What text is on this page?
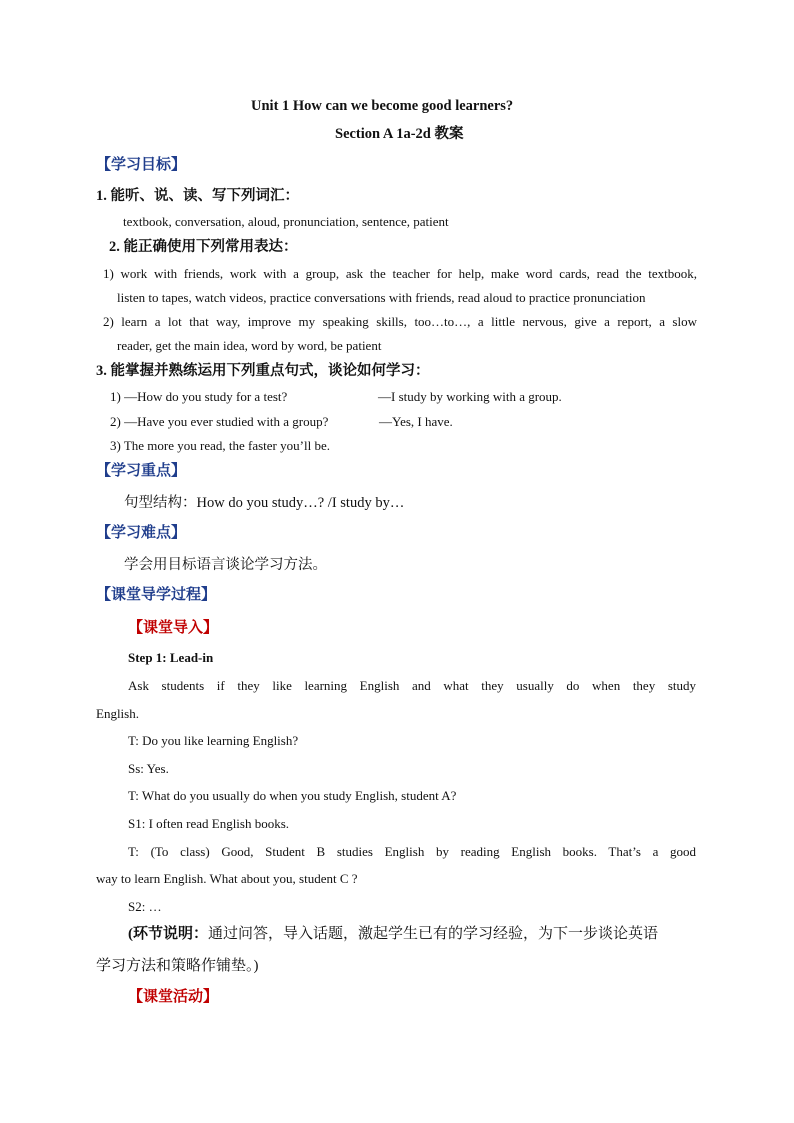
Unit 1 How can we become good learners?
Section A 1a-2d 教案
【学习目标】
1. 能听、说、读、写下列词汇：
textbook, conversation, aloud, pronunciation, sentence, patient
2. 能正确使用下列常用表达：
1) work with friends, work with a group, ask the teacher for help, make word cards, read the textbook,
listen to tapes, watch videos, practice conversations with friends, read aloud to practice pronunciation
2) learn a lot that way, improve my speaking skills, too…to…, a little nervous, give a report, a slow
reader, get the main idea, word by word, be patient
3. 能掌握并熟练运用下列重点句式，谈论如何学习：
1) —How do you study for a test?	—I study by working with a group.
2) —Have you ever studied with a group?	—Yes, I have.
3) The more you read, the faster you’ll be.
【学习重点】
句型结构：How do you study…? /I study by…
【学习难点】
学会用目标语言谈论学习方法。
【课堂导学过程】
【课堂导入】
Step 1: Lead-in
Ask students if they like learning English and what they usually do when they study
English.
T: Do you like learning English?
Ss: Yes.
T: What do you usually do when you study English, student A?
S1: I often read English books.
T: (To class) Good, Student B studies English by reading English books. That’s a good
way to learn English. What about you, student C ?
S2: …
(环节说明：通过问答，导入话题，激起学生已有的学习经验，为下一步谈论英语
学习方法和策略作铺垫。)
【课堂活动】
